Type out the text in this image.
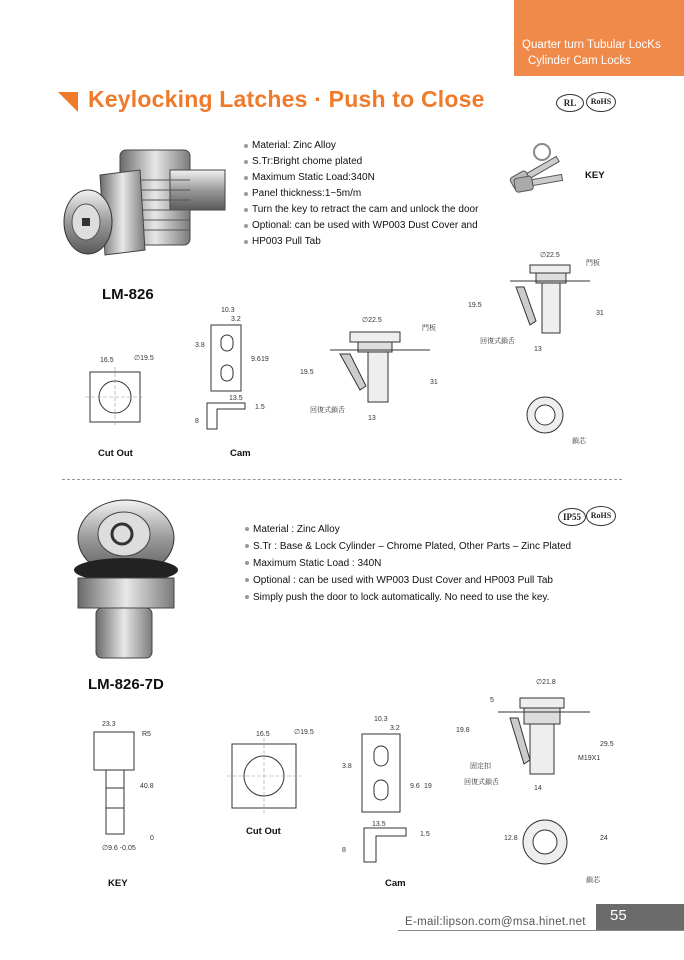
Quarter turn Tubular LocKs
Cylinder Cam Locks
Keylocking Latches · Push to Close	RL	RoHS
LM-826
Material: Zinc Alloy
S.Tr:Bright chome plated
Maximum Static Load:340N
Panel thickness:1~5m/m
Turn the key to retract the cam and unlock the door
Optional: can be used with WP003 Dust Cover and
HP003 Pull Tab
KEY
16.5	∅19.5
Cut Out
10.3
3.2
3.8
9.6 19
13.5
1.5
8
Cam
∅22.5
19.5
31
13
門板
回復式鎖舌
∅22.5
19.5
31
13
門板
回復式鎖舌
鎖芯
IP55	RoHS
LM-826-7D
Material : Zinc Alloy
S.Tr : Base & Lock Cylinder – Chrome Plated, Other Parts – Zinc Plated
Maximum Static Load : 340N
Optional : can be used with WP003 Dust Cover and HP003 Pull Tab
Simply push the door to lock automatically. No need to use the key.
23.3
R5
40.8
0
∅9.6 -0.05
KEY
16.5	∅19.5
Cut Out
10.3
3.2
3.8
9.6 19
13.5
1.5
8
Cam
∅21.8
5
19.8
29.5
M19X1
14
12.8	24
固定扣
回復式鎖舌
鎖芯
E-mail:lipson.com@msa.hinet.net 55
